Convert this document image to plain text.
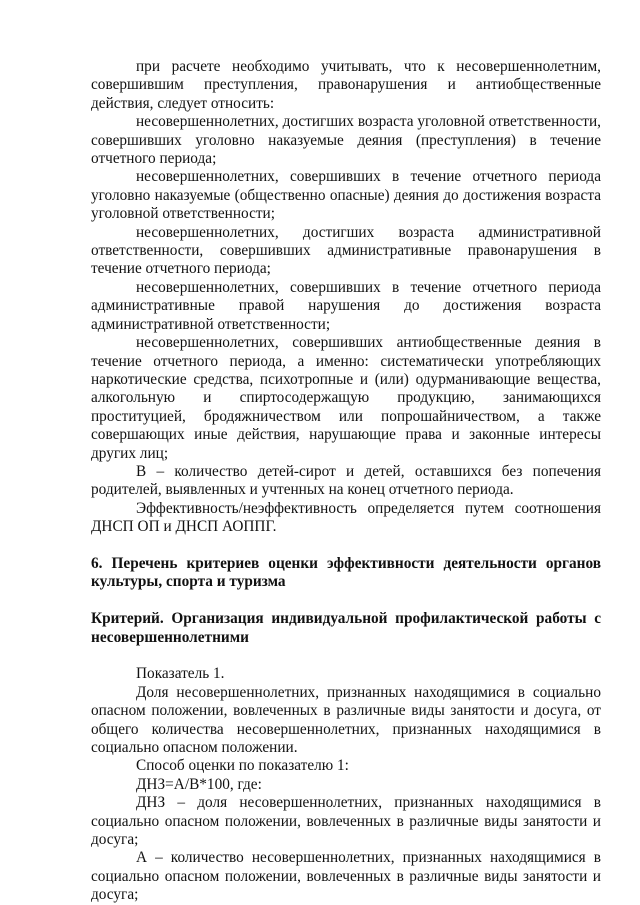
при расчете необходимо учитывать, что к несовершеннолетним, совершившим преступления, правонарушения и антиобщественные действия, следует относить:

несовершеннолетних, достигших возраста уголовной ответственности, совершивших уголовно наказуемые деяния (преступления) в течение отчетного периода;

несовершеннолетних, совершивших в течение отчетного периода уголовно наказуемые (общественно опасные) деяния до достижения возраста уголовной ответственности;

несовершеннолетних, достигших возраста административной ответственности, совершивших административные правонарушения в течение отчетного периода;

несовершеннолетних, совершивших в течение отчетного периода административные правой нарушения до достижения возраста административной ответственности;

несовершеннолетних, совершивших антиобщественные деяния в течение отчетного периода, а именно: систематически употребляющих наркотические средства, психотропные и (или) одурманивающие вещества, алкогольную и спиртосодержащую продукцию, занимающихся проституцией, бродяжничеством или попрошайничеством, а также совершающих иные действия, нарушающие права и законные интересы других лиц;

В – количество детей-сирот и детей, оставшихся без попечения родителей, выявленных и учтенных на конец отчетного периода.

Эффективность/неэффективность определяется путем соотношения ДНСП ОП и ДНСП АОППГ.

6. Перечень критериев оценки эффективности деятельности органов культуры, спорта и туризма

Критерий. Организация индивидуальной профилактической работы с несовершеннолетними

Показатель 1.

Доля несовершеннолетних, признанных находящимися в социально опасном положении, вовлеченных в различные виды занятости и досуга, от общего количества несовершеннолетних, признанных находящимися в социально опасном положении.

Способ оценки по показателю 1:

ДНЗ=А/В*100, где:

ДНЗ – доля несовершеннолетних, признанных находящимися в социально опасном положении, вовлеченных в различные виды занятости и досуга;

А – количество несовершеннолетних, признанных находящимися в социально опасном положении, вовлеченных в различные виды занятости и досуга;
